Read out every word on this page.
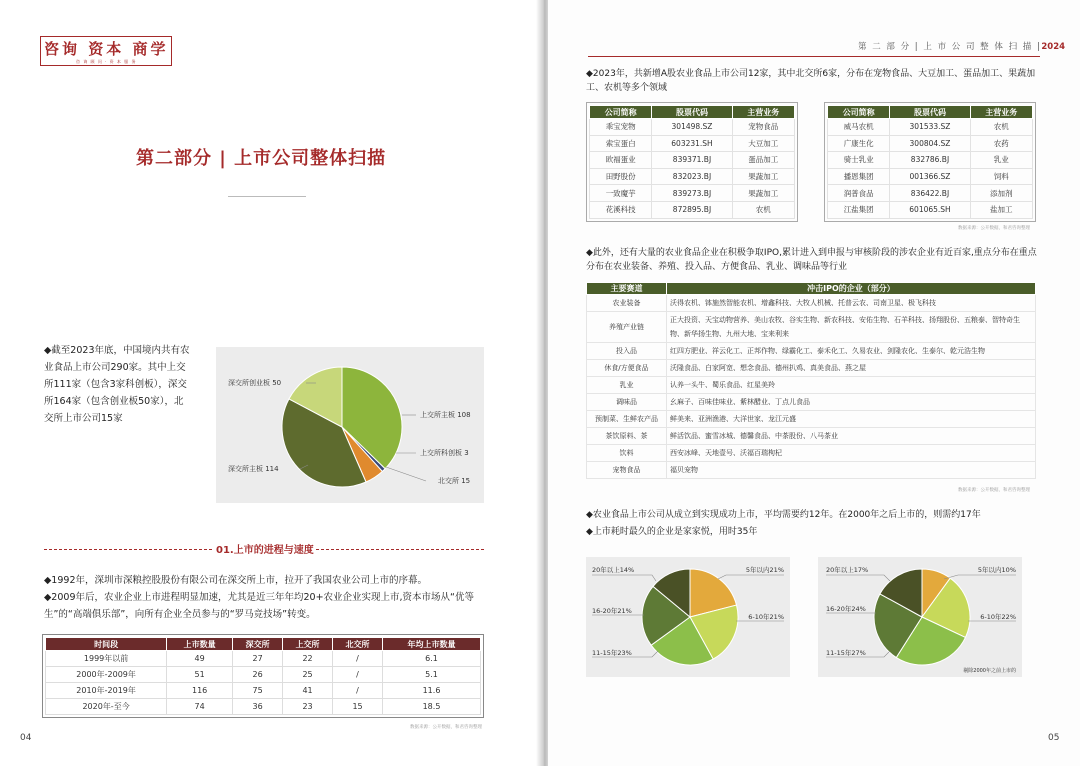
咨询 资本 商学
咨 询 顾 问 · 资 本 服 务
第二部分 | 上市公司整体扫描
◆截至2023年底，中国境内共有农业食品上市公司290家。其中上交所111家（包含3家科创板），深交所164家（包含创业板50家），北交所上市公司15家
深交所创业板 50
上交所主板 108
上交所科创板 3
北交所 15
深交所主板 114
01.上市的进程与速度
◆1992年，深圳市深粮控股股份有限公司在深交所上市，拉开了我国农业公司上市的序幕。
◆2009年后，农业企业上市进程明显加速，尤其是近三年年均20+农业企业实现上市,资本市场从“优等生”的“高端俱乐部”，向所有企业全员参与的“罗马竞技场”转变。
时间段	上市数量	深交所	上交所	北交所	年均上市数量
1999年以前	49	27	22	/	6.1
2000年-2009年	51	26	25	/	5.1
2010年-2019年	116	75	41	/	11.6
2020年-至今	74	36	23	15	18.5
数据来源：公开数据，和君咨询整理
04
第 二 部 分 | 上 市 公 司 整 体 扫 描 |2024
◆2023年，共新增A股农业食品上市公司12家，其中北交所6家，分布在宠物食品、大豆加工、蛋品加工、果蔬加工、农机等多个领域
公司简称	股票代码	主营业务
乖宝宠物	301498.SZ	宠物食品
索宝蛋白	603231.SH	大豆加工
欧福蛋业	839371.BJ	蛋品加工
田野股份	832023.BJ	果蔬加工
一致魔芋	839273.BJ	果蔬加工
花溪科技	872895.BJ	农机
公司简称	股票代码	主营业务
威马农机	301533.SZ	农机
广康生化	300804.SZ	农药
骑士乳业	832786.BJ	乳业
播恩集团	001366.SZ	饲料
润普食品	836422.BJ	添加剂
江盐集团	601065.SH	盐加工
数据来源：公开数据，和君咨询整理
◆此外，还有大量的农业食品企业在积极争取IPO,累计进入到申报与审核阶段的涉农企业有近百家,重点分布在重点分布在农业装备、养殖、投入品、方便食品、乳业、调味品等行业
主要赛道	冲击IPO的企业（部分）
农业装备	沃得农机、钵施然智能农机、增鑫科技、大牧人机械、托普云农、司南卫星、极飞科技
养殖产业链	正大投资、天宝动物营养、美山农牧、谷实生物、新农科技、安佑生物、石羊科技、扬翔股份、五粮泰、智特奇生物、新华扬生物、九州大地、宝来利来
投入品	红四方肥业、祥云化工、正邦作物、绿霸化工、泰禾化工、久易农业、剑隆农化、生泰尔、乾元浩生物
休食/方便食品	沃隆食品、白家阿宽、想念食品、德州扒鸡、真美食品、燕之屋
乳业	认养一头牛、蜀乐食品、红星美羚
调味品	幺麻子、百味佳味业、紫林醋业、丁点儿食品
预制菜、生鲜农产品	鲜美来、亚洲渔港、大洋世家、龙江元盛
茶饮原料、茶	鲜活饮品、蜜雪冰城、德馨食品、中茶股份、八马茶业
饮料	西安冰峰、天地壹号、沃福百瑞枸杞
宠物食品	福贝宠物
数据来源：公开数据，和君咨询整理
◆农业食品上市公司从成立到实现成功上市，平均需要约12年。在2000年之后上市的，则需约17年
◆上市耗时最久的企业是家家悦，用时35年
20年以上14%	5年以内21%
16-20年21%
6-10年21%
11-15年23%
20年以上17%	5年以内10%
16-20年24%
6-10年22%
11-15年27%
剔除2000年之前上市的
05
